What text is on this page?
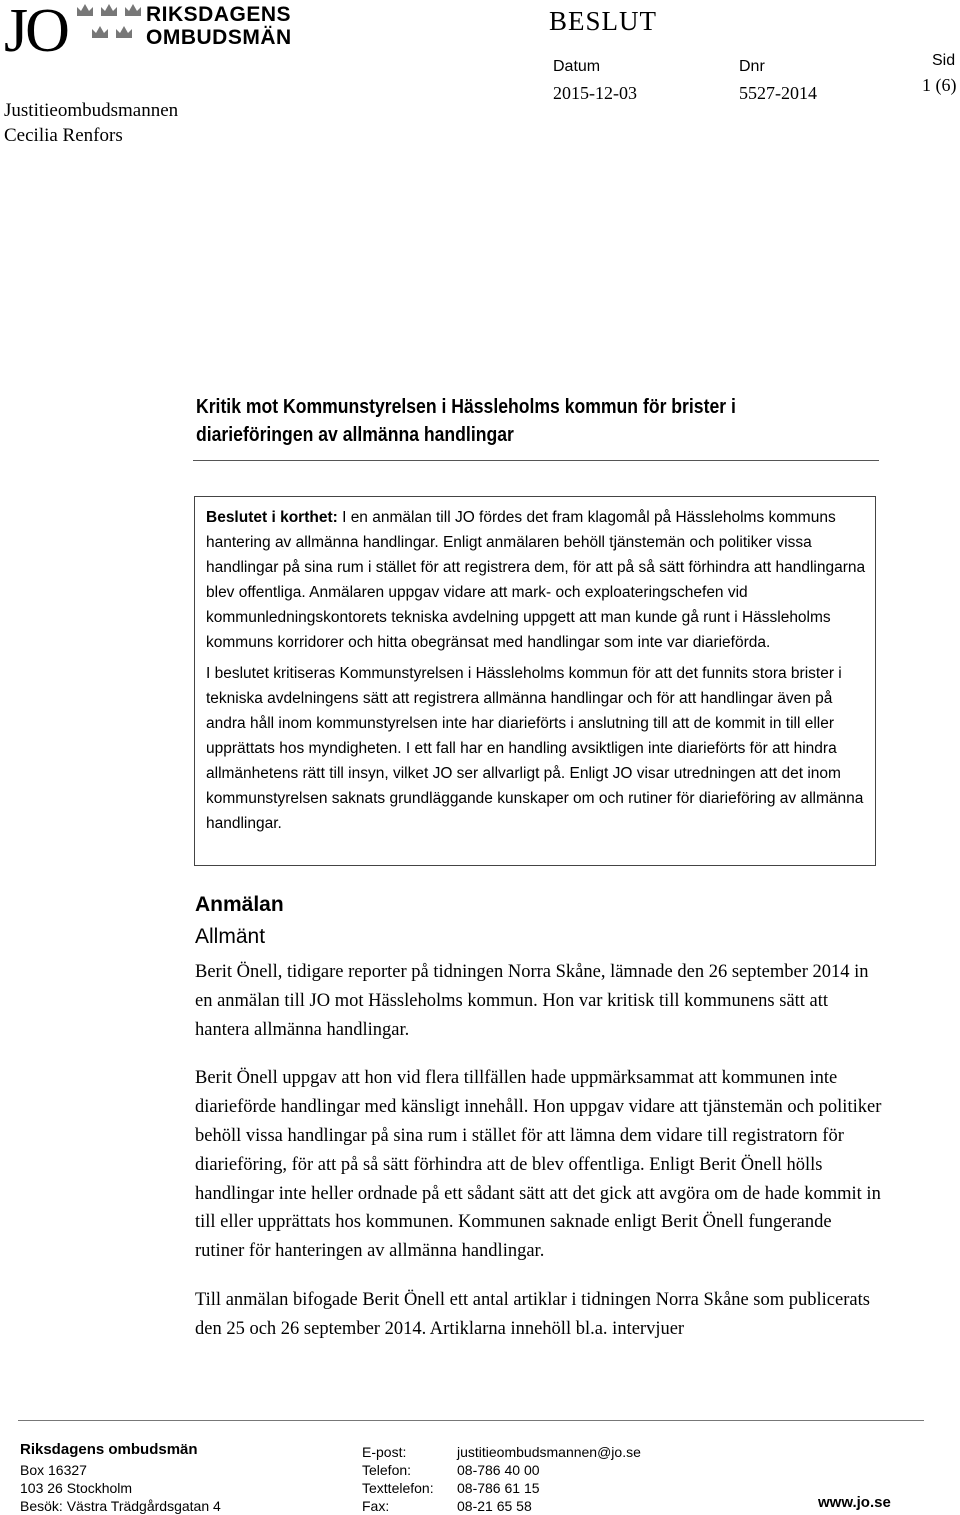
JO	RIKSDAGENS
OMBUDSMÄN
Justitieombudsmannen
Cecilia Renfors
BESLUT
Datum
2015-12-03
Dnr
5527-2014
Sid
1 (6)
Kritik mot Kommunstyrelsen i Hässleholms kommun för brister i diarieföringen av allmänna handlingar

Beslutet i korthet: I en anmälan till JO fördes det fram klagomål på Hässleholms kommuns hantering av allmänna handlingar. Enligt anmälaren behöll tjänstemän och politiker vissa handlingar på sina rum i stället för att registrera dem, för att på så sätt förhindra att handlingarna blev offentliga. Anmälaren uppgav vidare att mark- och exploateringschefen vid kommunledningskontorets tekniska avdelning uppgett att man kunde gå runt i Hässleholms kommuns korridorer och hitta obegränsat med handlingar som inte var diarieförda.

I beslutet kritiseras Kommunstyrelsen i Hässleholms kommun för att det funnits stora brister i tekniska avdelningens sätt att registrera allmänna handlingar och för att handlingar även på andra håll inom kommunstyrelsen inte har diarieförts i anslutning till att de kommit in till eller upprättats hos myndigheten. I ett fall har en handling avsiktligen inte diarieförts för att hindra allmänhetens rätt till insyn, vilket JO ser allvarligt på. Enligt JO visar utredningen att det inom kommunstyrelsen saknats grundläggande kunskaper om och rutiner för diarieföring av allmänna handlingar.

Anmälan
Allmänt

Berit Önell, tidigare reporter på tidningen Norra Skåne, lämnade den 26 september 2014 in en anmälan till JO mot Hässleholms kommun. Hon var kritisk till kommunens sätt att hantera allmänna handlingar.

Berit Önell uppgav att hon vid flera tillfällen hade uppmärksammat att kommunen inte diarieförde handlingar med känsligt innehåll. Hon uppgav vidare att tjänstemän och politiker behöll vissa handlingar på sina rum i stället för att lämna dem vidare till registratorn för diarieföring, för att på så sätt förhindra att de blev offentliga. Enligt Berit Önell hölls handlingar inte heller ordnade på ett sådant sätt att det gick att avgöra om de hade kommit in till eller upprättats hos kommunen. Kommunen saknade enligt Berit Önell fungerande rutiner för hanteringen av allmänna handlingar.

Till anmälan bifogade Berit Önell ett antal artiklar i tidningen Norra Skåne som publicerats den 25 och 26 september 2014. Artiklarna innehöll bl.a. intervjuer

Riksdagens ombudsmän
Box 16327
103 26 Stockholm
Besök: Västra Trädgårdsgatan 4
E-post:
Telefon:
Texttelefon:
Fax:
justitieombudsmannen@jo.se
08-786 40 00
08-786 61 15
08-21 65 58	www.jo.se
